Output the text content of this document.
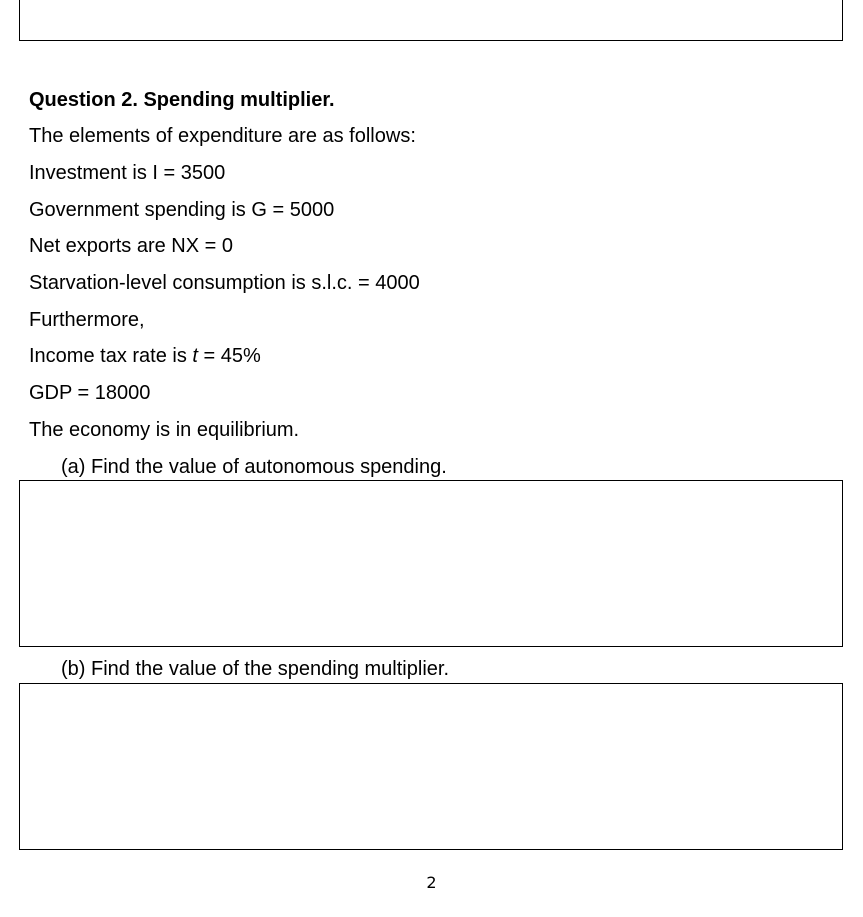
Question 2. Spending multiplier.
The elements of expenditure are as follows:
Investment is I = 3500
Government spending is G = 5000
Net exports are NX = 0
Starvation-level consumption is s.l.c. = 4000
Furthermore,
Income tax rate is t = 45%
GDP = 18000
The economy is in equilibrium.
(a) Find the value of autonomous spending.
(b) Find the value of the spending multiplier.
2
